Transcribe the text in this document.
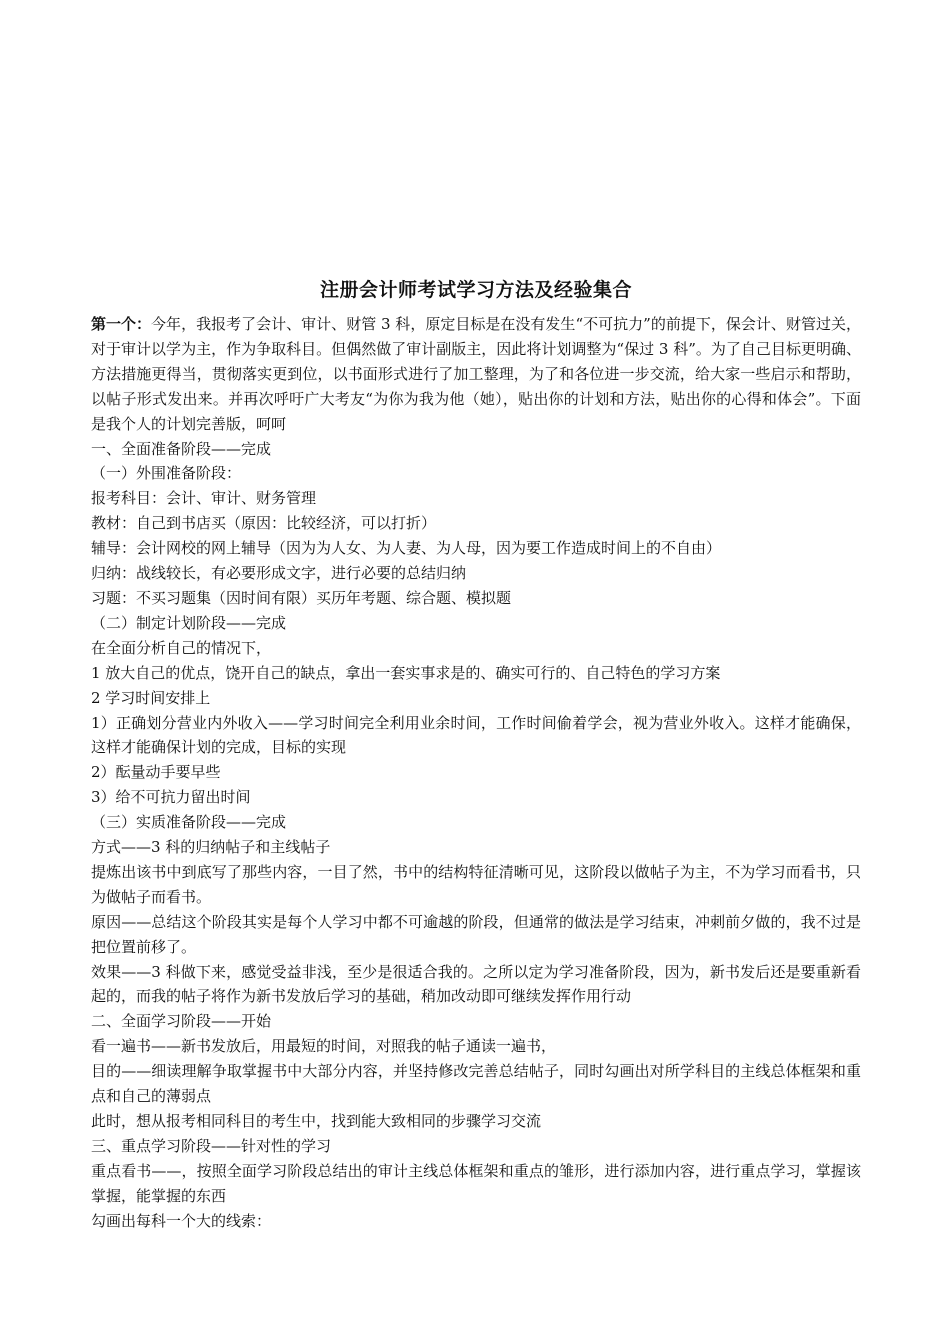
注册会计师考试学习方法及经验集合

第一个：今年，我报考了会计、审计、财管 3 科，原定目标是在没有发生“不可抗力”的前提下，保会计、财管过关，对于审计以学为主，作为争取科目。但偶然做了审计副版主，因此将计划调整为“保过 3 科”。为了自己目标更明确、方法措施更得当，贯彻落实更到位，以书面形式进行了加工整理，为了和各位进一步交流，给大家一些启示和帮助，以帖子形式发出来。并再次呼吁广大考友“为你为我为他（她），贴出你的计划和方法，贴出你的心得和体会”。下面是我个人的计划完善版，呵呵

一、全面准备阶段——完成

（一）外围准备阶段：

报考科目：会计、审计、财务管理

教材：自己到书店买（原因：比较经济，可以打折）

辅导：会计网校的网上辅导（因为为人女、为人妻、为人母，因为要工作造成时间上的不自由）

归纳：战线较长，有必要形成文字，进行必要的总结归纳

习题：不买习题集（因时间有限）买历年考题、综合题、模拟题

（二）制定计划阶段——完成

在全面分析自己的情况下，

1 放大自己的优点，饶开自己的缺点，拿出一套实事求是的、确实可行的、自己特色的学习方案

2 学习时间安排上

1）正确划分营业内外收入——学习时间完全利用业余时间，工作时间偷着学会，视为营业外收入。这样才能确保，这样才能确保计划的完成，目标的实现

2）酝量动手要早些

3）给不可抗力留出时间

（三）实质准备阶段——完成

方式——3 科的归纳帖子和主线帖子

提炼出该书中到底写了那些内容，一目了然，书中的结构特征清晰可见，这阶段以做帖子为主，不为学习而看书，只为做帖子而看书。

原因——总结这个阶段其实是每个人学习中都不可逾越的阶段，但通常的做法是学习结束，冲刺前夕做的，我不过是把位置前移了。

效果——3 科做下来，感觉受益非浅，至少是很适合我的。之所以定为学习准备阶段，因为，新书发后还是要重新看起的，而我的帖子将作为新书发放后学习的基础，稍加改动即可继续发挥作用行动

二、全面学习阶段——开始

看一遍书——新书发放后，用最短的时间，对照我的帖子通读一遍书，

目的——细读理解争取掌握书中大部分内容，并坚持修改完善总结帖子，同时勾画出对所学科目的主线总体框架和重点和自己的薄弱点

此时，想从报考相同科目的考生中，找到能大致相同的步骤学习交流

三、重点学习阶段——针对性的学习

重点看书——，按照全面学习阶段总结出的审计主线总体框架和重点的雏形，进行添加内容，进行重点学习，掌握该掌握，能掌握的东西

勾画出每科一个大的线索：
